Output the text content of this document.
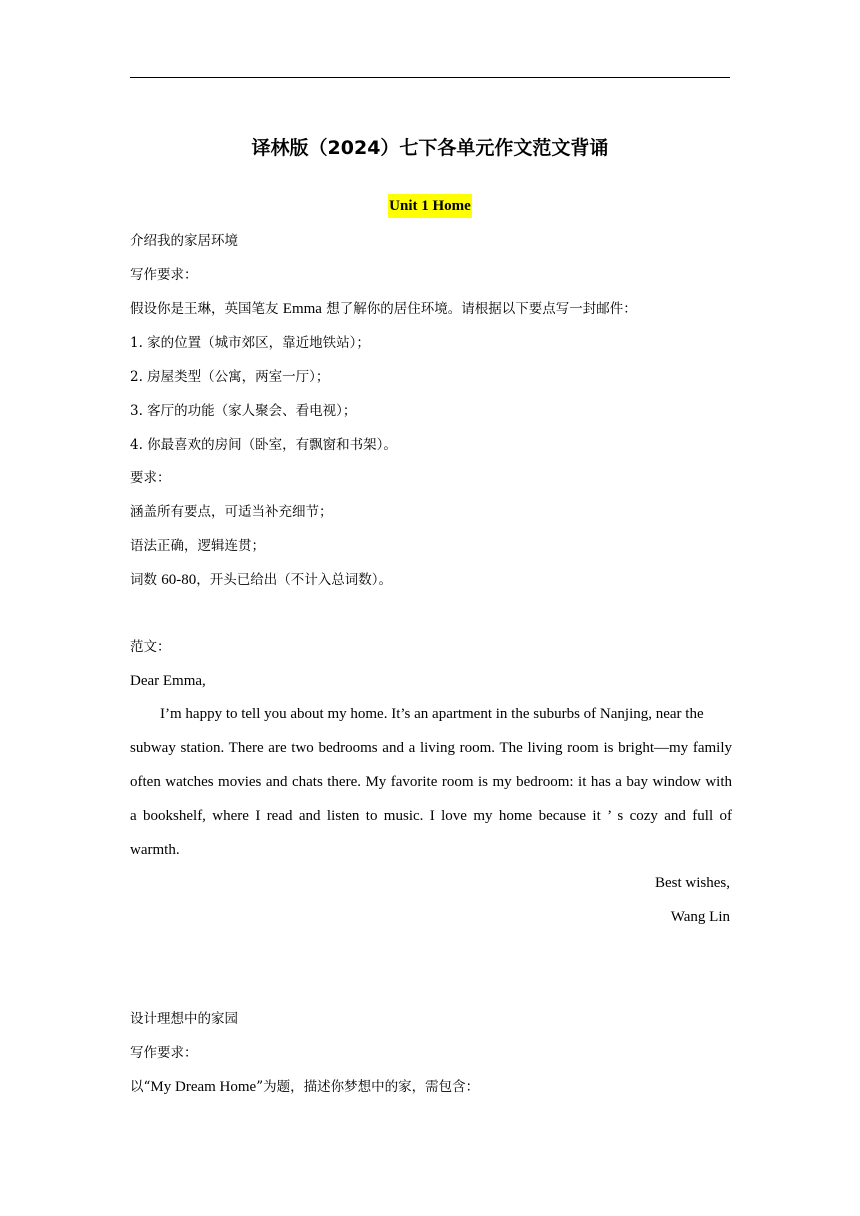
译林版（2024）七下各单元作文范文背诵
Unit 1 Home
介绍我的家居环境
写作要求：
假设你是王琳，英国笔友 Emma 想了解你的居住环境。请根据以下要点写一封邮件：
1. 家的位置（城市郊区，靠近地铁站）；
2. 房屋类型（公寓，两室一厅）；
3. 客厅的功能（家人聚会、看电视）；
4. 你最喜欢的房间（卧室，有飘窗和书架）。
要求：
涵盖所有要点，可适当补充细节；
语法正确，逻辑连贯；
词数 60-80，开头已给出（不计入总词数）。
范文：
Dear Emma,
I’m happy to tell you about my home. It’s an apartment in the suburbs of Nanjing, near the
subway station. There are two bedrooms and a living room. The living room is bright—my family
often watches movies and chats there. My favorite room is my bedroom: it has a bay window with
a bookshelf, where I read and listen to music. I love my home because it ’ s cozy and full of
warmth.
Best wishes,
Wang Lin
设计理想中的家园
写作要求：
以“My Dream Home”为题，描述你梦想中的家，需包含：
